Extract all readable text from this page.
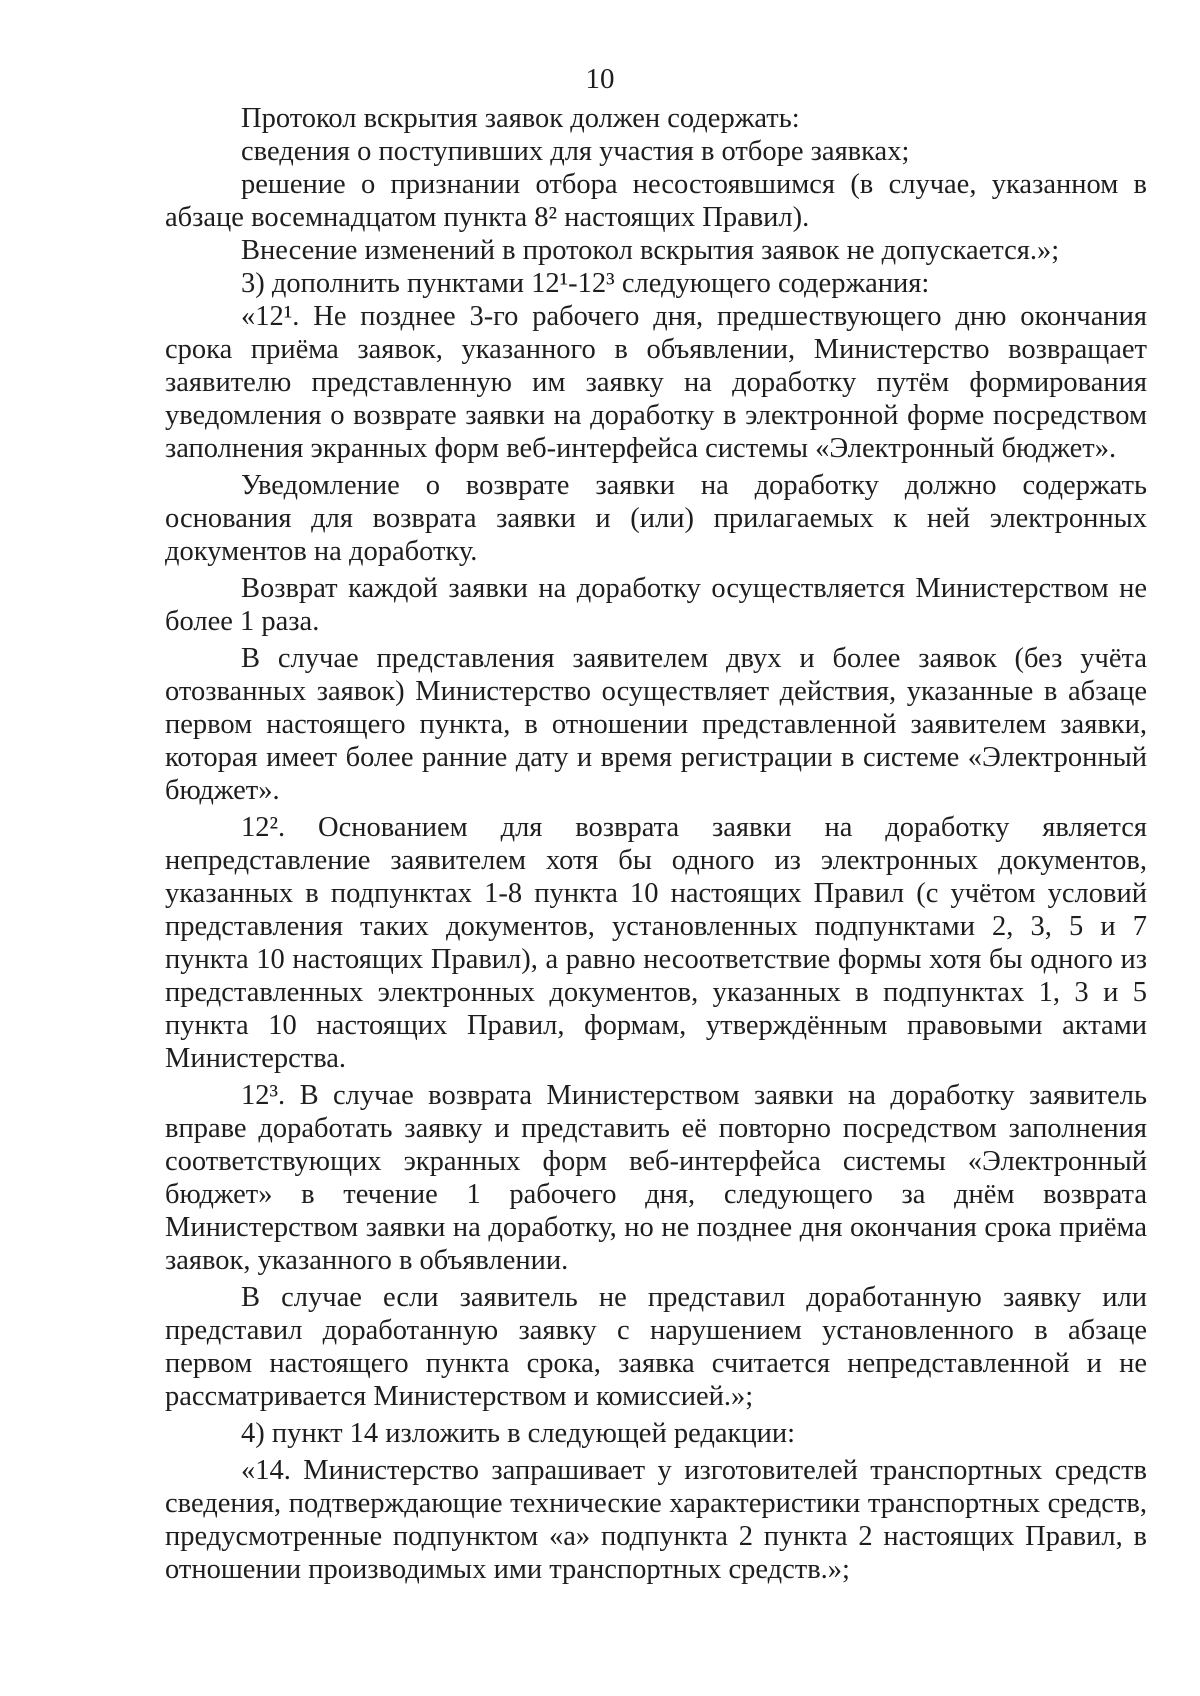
10

Протокол вскрытия заявок должен содержать:

сведения о поступивших для участия в отборе заявках;

решение о признании отбора несостоявшимся (в случае, указанном в абзаце восемнадцатом пункта 8² настоящих Правил).

Внесение изменений в протокол вскрытия заявок не допускается.»;

3) дополнить пунктами 12¹-12³ следующего содержания:

«12¹. Не позднее 3-го рабочего дня, предшествующего дню окончания срока приёма заявок, указанного в объявлении, Министерство возвращает заявителю представленную им заявку на доработку путём формирования уведомления о возврате заявки на доработку в электронной форме посредством заполнения экранных форм веб-интерфейса системы «Электронный бюджет».

Уведомление о возврате заявки на доработку должно содержать основания для возврата заявки и (или) прилагаемых к ней электронных документов на доработку.

Возврат каждой заявки на доработку осуществляется Министерством не более 1 раза.

В случае представления заявителем двух и более заявок (без учёта отозванных заявок) Министерство осуществляет действия, указанные в абзаце первом настоящего пункта, в отношении представленной заявителем заявки, которая имеет более ранние дату и время регистрации в системе «Электронный бюджет».

12². Основанием для возврата заявки на доработку является непредставление заявителем хотя бы одного из электронных документов, указанных в подпунктах 1-8 пункта 10 настоящих Правил (с учётом условий представления таких документов, установленных подпунктами 2, 3, 5 и 7 пункта 10 настоящих Правил), а равно несоответствие формы хотя бы одного из представленных электронных документов, указанных в подпунктах 1, 3 и 5 пункта 10 настоящих Правил, формам, утверждённым правовыми актами Министерства.

12³. В случае возврата Министерством заявки на доработку заявитель вправе доработать заявку и представить её повторно посредством заполнения соответствующих экранных форм веб-интерфейса системы «Электронный бюджет» в течение 1 рабочего дня, следующего за днём возврата Министерством заявки на доработку, но не позднее дня окончания срока приёма заявок, указанного в объявлении.

В случае если заявитель не представил доработанную заявку или представил доработанную заявку с нарушением установленного в абзаце первом настоящего пункта срока, заявка считается непредставленной и не рассматривается Министерством и комиссией.»;

4) пункт 14 изложить в следующей редакции:

«14. Министерство запрашивает у изготовителей транспортных средств сведения, подтверждающие технические характеристики транспортных средств, предусмотренные подпунктом «а» подпункта 2 пункта 2 настоящих Правил, в отношении производимых ими транспортных средств.»;
